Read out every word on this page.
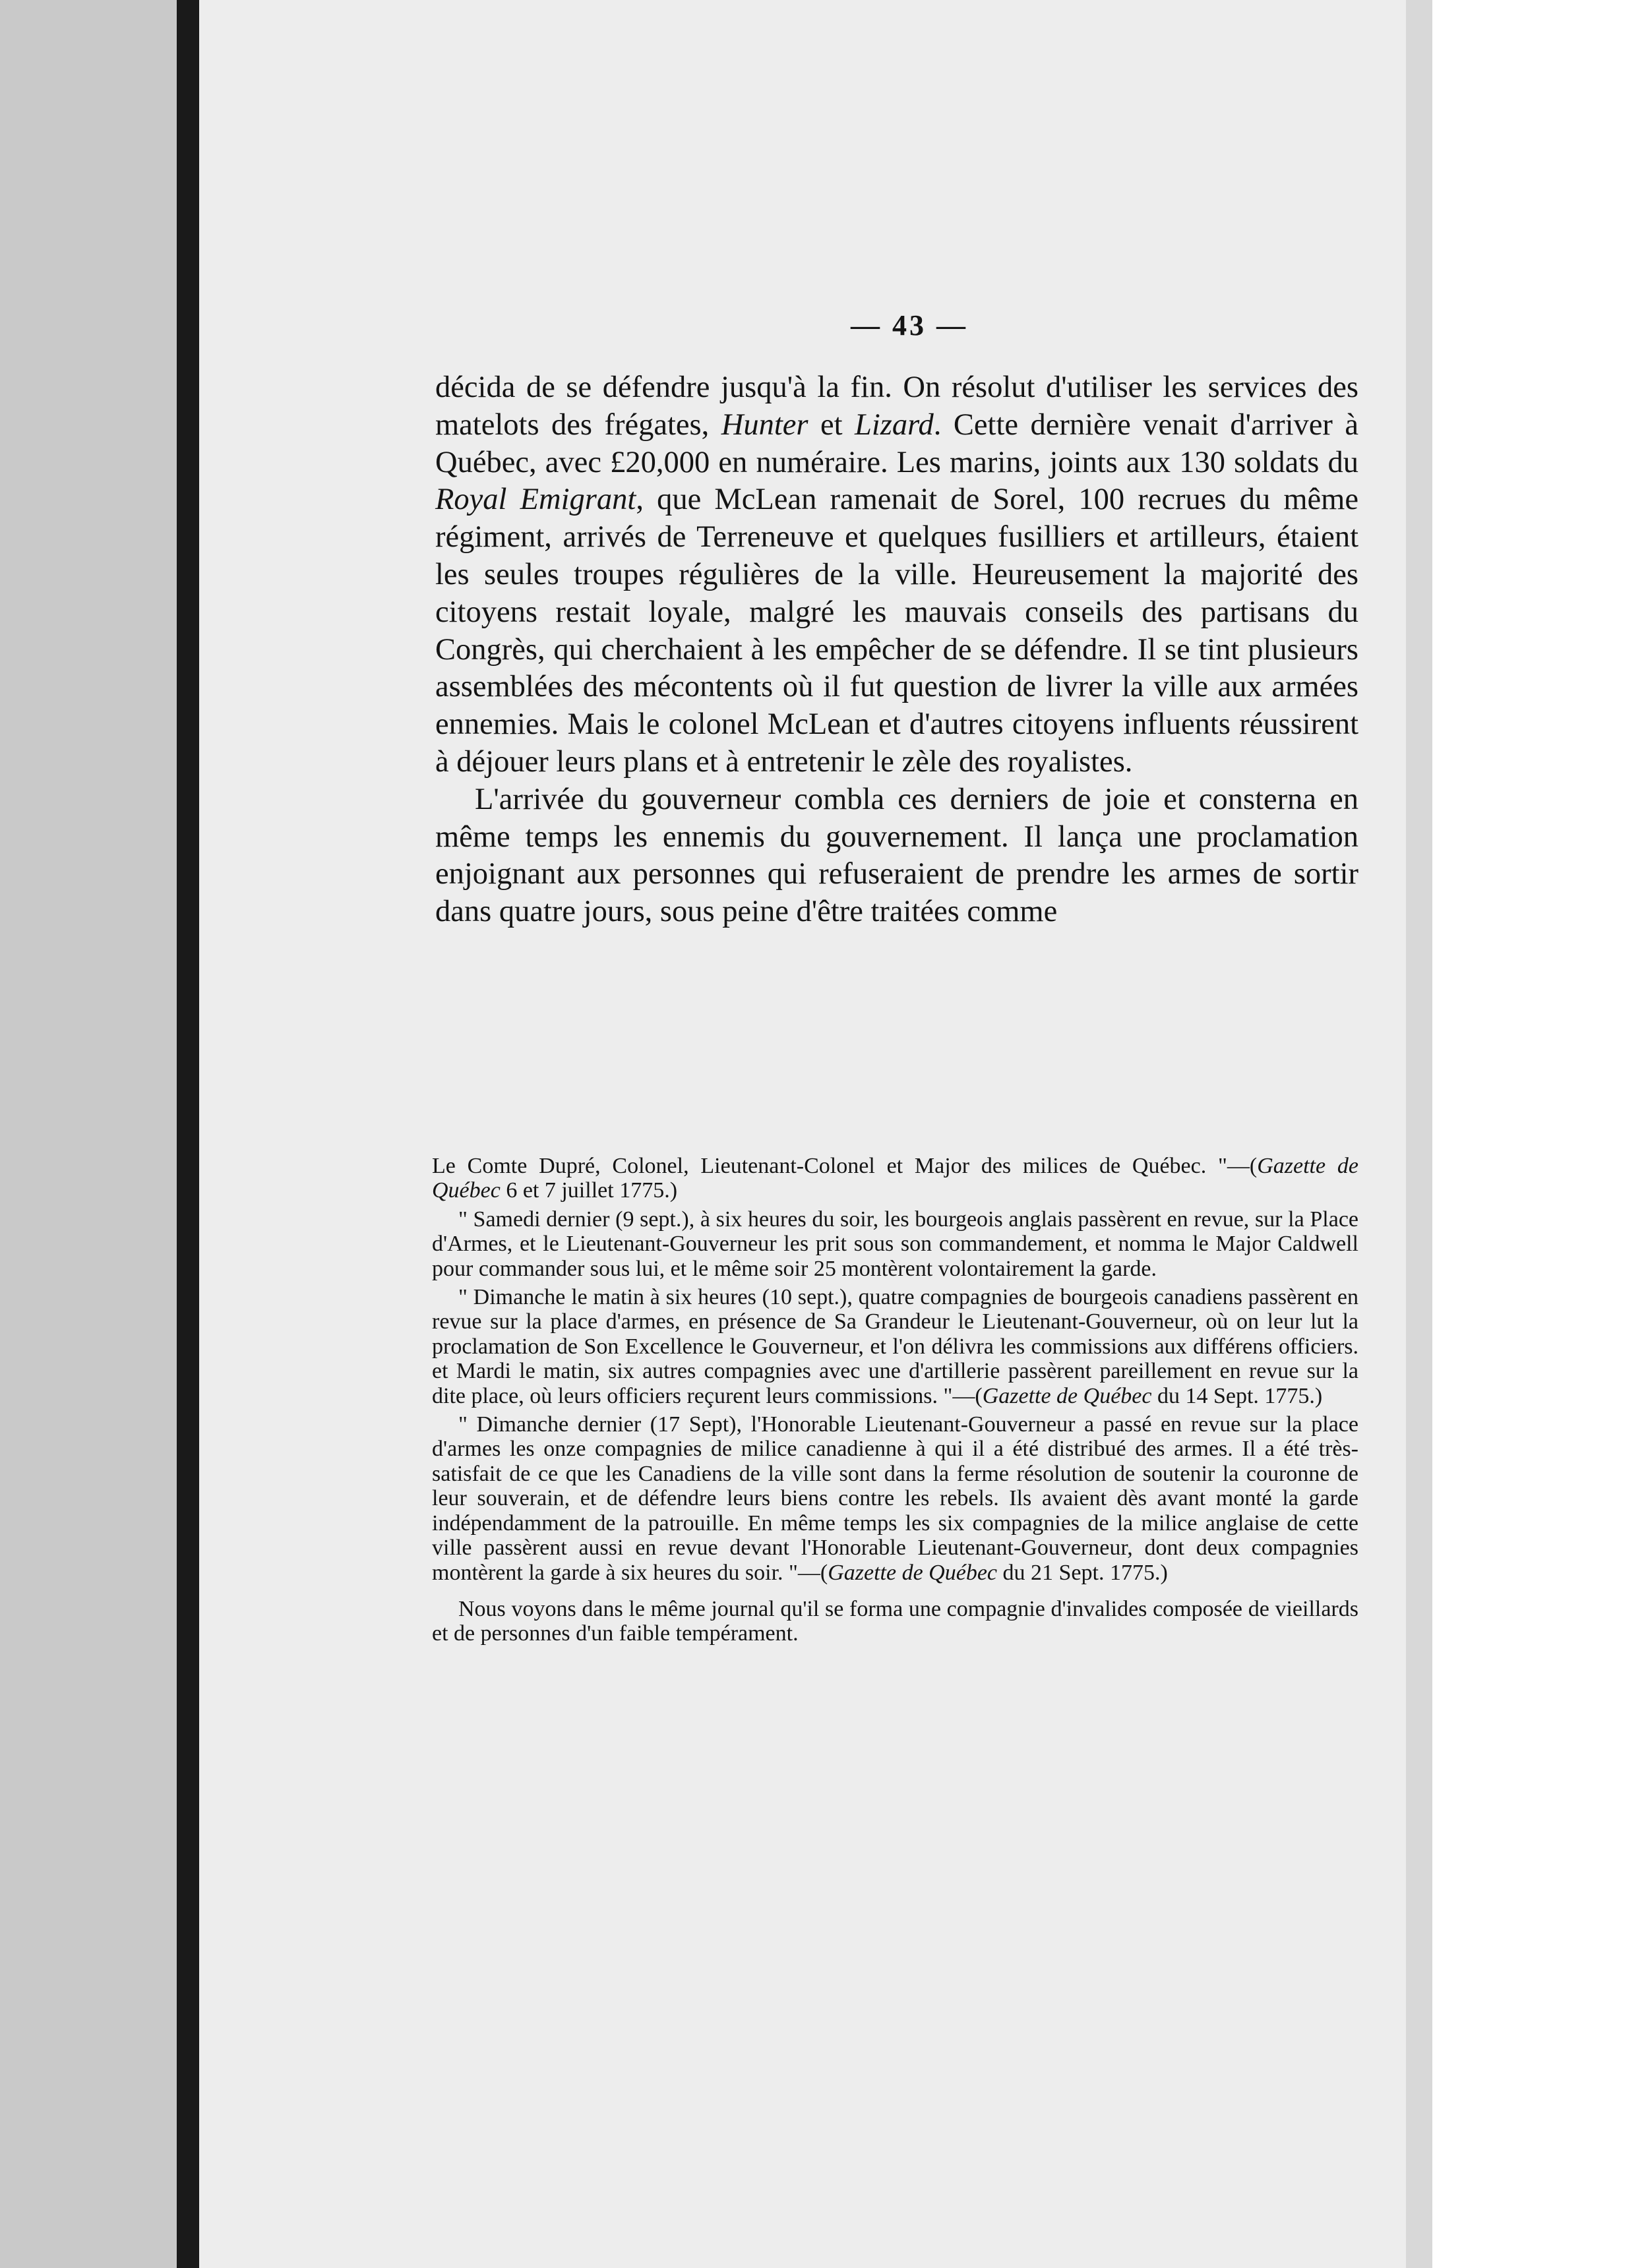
— 43 —

décida de se défendre jusqu'à la fin. On résolut d'utiliser les services des matelots des frégates, Hunter et Lizard. Cette dernière venait d'arriver à Québec, avec £20,000 en numéraire. Les marins, joints aux 130 soldats du Royal Emigrant, que McLean ramenait de Sorel, 100 recrues du même régiment, arrivés de Terreneuve et quelques fusilliers et artilleurs, étaient les seules troupes régulières de la ville. Heureusement la majorité des citoyens restait loyale, malgré les mauvais conseils des partisans du Congrès, qui cherchaient à les empêcher de se défendre. Il se tint plusieurs assemblées des mécontents où il fut question de livrer la ville aux armées ennemies. Mais le colonel McLean et d'autres citoyens influents réussirent à déjouer leurs plans et à entretenir le zèle des royalistes.

L'arrivée du gouverneur combla ces derniers de joie et consterna en même temps les ennemis du gouvernement. Il lança une proclamation enjoignant aux personnes qui refuseraient de prendre les armes de sortir dans quatre jours, sous peine d'être traitées comme

Le Comte Dupré, Colonel, Lieutenant-Colonel et Major des milices de Québec. "—(Gazette de Québec 6 et 7 juillet 1775.)

" Samedi dernier (9 sept.), à six heures du soir, les bourgeois anglais passèrent en revue, sur la Place d'Armes, et le Lieutenant-Gouverneur les prit sous son commandement, et nomma le Major Caldwell pour commander sous lui, et le même soir 25 montèrent volontairement la garde.

" Dimanche le matin à six heures (10 sept.), quatre compagnies de bourgeois canadiens passèrent en revue sur la place d'armes, en présence de Sa Grandeur le Lieutenant-Gouverneur, où on leur lut la proclamation de Son Excellence le Gouverneur, et l'on délivra les commissions aux différens officiers. et Mardi le matin, six autres compagnies avec une d'artillerie passèrent pareillement en revue sur la dite place, où leurs officiers reçurent leurs commissions. "—(Gazette de Québec du 14 Sept. 1775.)

" Dimanche dernier (17 Sept), l'Honorable Lieutenant-Gouverneur a passé en revue sur la place d'armes les onze compagnies de milice canadienne à qui il a été distribué des armes. Il a été très-satisfait de ce que les Canadiens de la ville sont dans la ferme résolution de soutenir la couronne de leur souverain, et de défendre leurs biens contre les rebels. Ils avaient dès avant monté la garde indépendamment de la patrouille. En même temps les six compagnies de la milice anglaise de cette ville passèrent aussi en revue devant l'Honorable Lieutenant-Gouverneur, dont deux compagnies montèrent la garde à six heures du soir. "—(Gazette de Québec du 21 Sept. 1775.)

Nous voyons dans le même journal qu'il se forma une compagnie d'invalides composée de vieillards et de personnes d'un faible tempérament.
